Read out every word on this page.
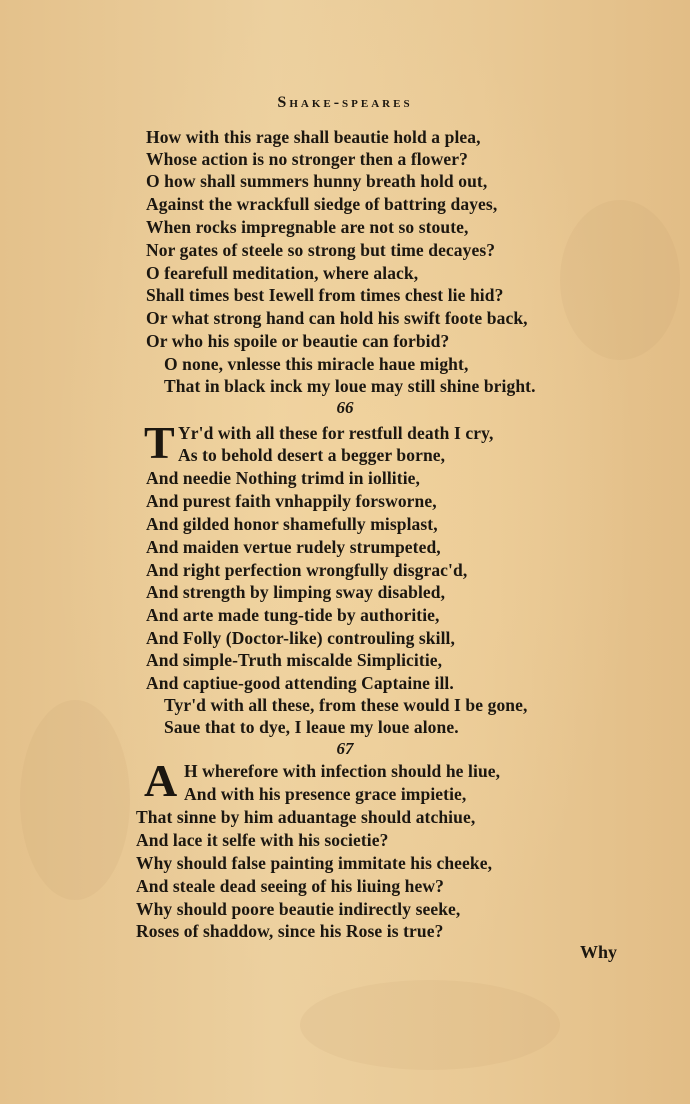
Shake-speares
How with this rage shall beautie hold a plea,
Whose action is no stronger then a flower?
O how shall summers hunny breath hold out,
Against the wrackfull siedge of battring dayes,
When rocks impregnable are not so stoute,
Nor gates of steele so strong but time decayes?
O fearefull meditation, where alack,
Shall times best Iewell from times chest lie hid?
Or what strong hand can hold his swift foote back,
Or who his spoile or beautie can forbid?
O none, vnlesse this miracle haue might,
That in black inck my loue may still shine bright.
66
T Yr'd with all these for restfull death I cry,
As to behold desert a begger borne,
And needie Nothing trimd in iollitie,
And purest faith vnhappily forsworne,
And gilded honor shamefully misplast,
And maiden vertue rudely strumpeted,
And right perfection wrongfully disgrac'd,
And strength by limping sway disabled,
And arte made tung-tide by authoritie,
And Folly (Doctor-like) controuling skill,
And simple-Truth miscalde Simplicitie,
And captiue-good attending Captaine ill.
Tyr'd with all these, from these would I be gone,
Saue that to dye, I leaue my loue alone.
67
A H wherefore with infection should he liue,
And with his presence grace impietie,
That sinne by him aduantage should atchiue,
And lace it selfe with his societie?
Why should false painting immitate his cheeke,
And steale dead seeing of his liuing hew?
Why should poore beautie indirectly seeke,
Roses of shaddow, since his Rose is true?
Why
